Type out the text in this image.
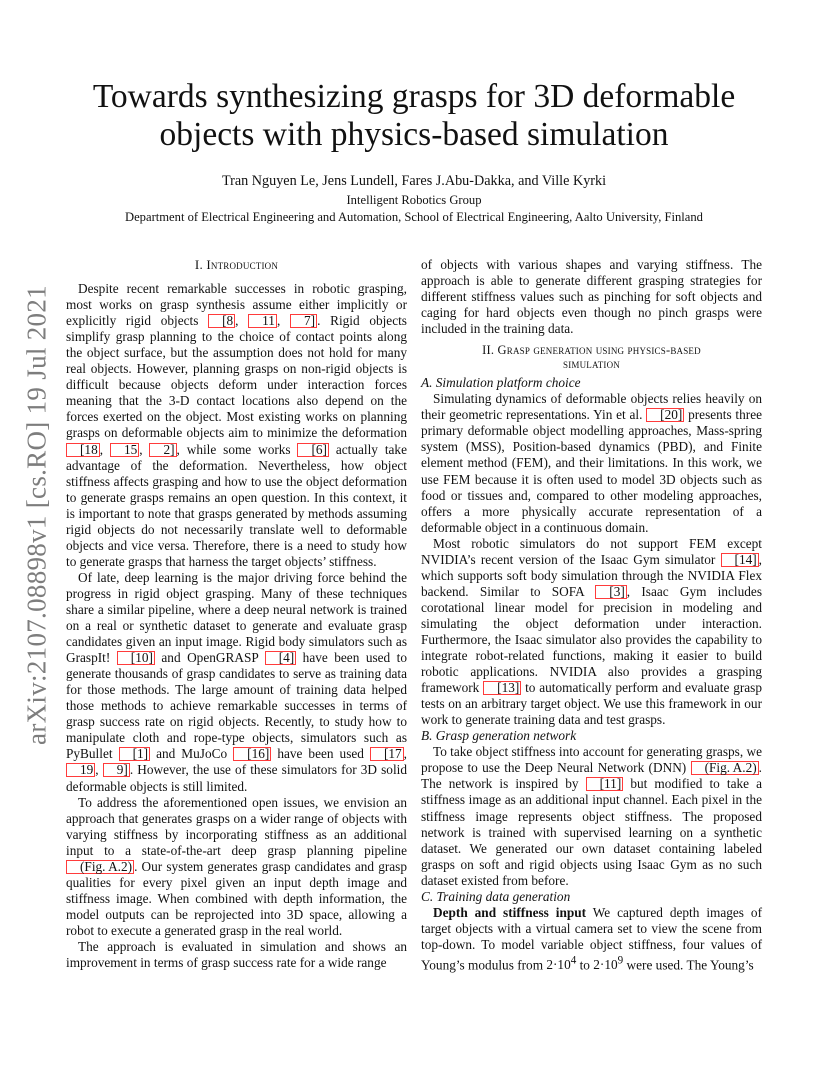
arXiv:2107.08898v1 [cs.RO] 19 Jul 2021
Towards synthesizing grasps for 3D deformable
objects with physics-based simulation
Tran Nguyen Le, Jens Lundell, Fares J.Abu-Dakka, and Ville Kyrki
Intelligent Robotics Group
Department of Electrical Engineering and Automation, School of Electrical Engineering, Aalto University, Finland
I. Introduction

Despite recent remarkable successes in robotic grasping, most works on grasp synthesis assume either implicitly or explicitly rigid objects [8 , 11 , 7] . Rigid objects simplify grasp planning to the choice of contact points along the object surface, but the assumption does not hold for many real objects. However, planning grasps on non-rigid objects is difficult because objects deform under interaction forces meaning that the 3-D contact locations also depend on the forces exerted on the object. Most existing works on planning grasps on deformable objects aim to minimize the deformation [18 , 15 , 2] , while some works [6] actually take advantage of the deformation. Nevertheless, how object stiffness affects grasping and how to use the object deformation to generate grasps remains an open question. In this context, it is important to note that grasps generated by methods assuming rigid objects do not necessarily translate well to deformable objects and vice versa. Therefore, there is a need to study how to generate grasps that harness the target objects’ stiffness.

Of late, deep learning is the major driving force behind the progress in rigid object grasping. Many of these techniques share a similar pipeline, where a deep neural network is trained on a real or synthetic dataset to generate and evaluate grasp candidates given an input image. Rigid body simulators such as GraspIt! [10] and OpenGRASP [4] have been used to generate thousands of grasp candidates to serve as training data for those methods. The large amount of training data helped those methods to achieve remarkable successes in terms of grasp success rate on rigid objects. Recently, to study how to manipulate cloth and rope-type objects, simulators such as PyBullet [1] and MuJoCo [16] have been used [17 , 19 , 9] . However, the use of these simulators for 3D solid deformable objects is still limited.

To address the aforementioned open issues, we envision an approach that generates grasps on a wider range of objects with varying stiffness by incorporating stiffness as an additional input to a state-of-the-art deep grasp planning pipeline (Fig. A.2) . Our system generates grasp candidates and grasp qualities for every pixel given an input depth image and stiffness image. When combined with depth information, the model outputs can be reprojected into 3D space, allowing a robot to execute a generated grasp in the real world.

The approach is evaluated in simulation and shows an improvement in terms of grasp success rate for a wide range

of objects with various shapes and varying stiffness. The approach is able to generate different grasping strategies for different stiffness values such as pinching for soft objects and caging for hard objects even though no pinch grasps were included in the training data.

II. Grasp generation using physics-based
simulation

A. Simulation platform choice

Simulating dynamics of deformable objects relies heavily on their geometric representations. Yin et al. [20] presents three primary deformable object modelling approaches, Mass-spring system (MSS), Position-based dynamics (PBD), and Finite element method (FEM), and their limitations. In this work, we use FEM because it is often used to model 3D objects such as food or tissues and, compared to other modeling approaches, offers a more physically accurate representation of a deformable object in a continuous domain.

Most robotic simulators do not support FEM except NVIDIA’s recent version of the Isaac Gym simulator [14] , which supports soft body simulation through the NVIDIA Flex backend. Similar to SOFA [3] , Isaac Gym includes corotational linear model for precision in modeling and simulating the object deformation under interaction. Furthermore, the Isaac simulator also provides the capability to integrate robot-related functions, making it easier to build robotic applications. NVIDIA also provides a grasping framework [13] to automatically perform and evaluate grasp tests on an arbitrary target object. We use this framework in our work to generate training data and test grasps.

B. Grasp generation network

To take object stiffness into account for generating grasps, we propose to use the Deep Neural Network (DNN) (Fig. A.2) . The network is inspired by [11] but modified to take a stiffness image as an additional input channel. Each pixel in the stiffness image represents object stiffness. The proposed network is trained with supervised learning on a synthetic dataset. We generated our own dataset containing labeled grasps on soft and rigid objects using Isaac Gym as no such dataset existed from before.

C. Training data generation

Depth and stiffness input We captured depth images of target objects with a virtual camera set to view the scene from top-down. To model variable object stiffness, four values of Young’s modulus from $2\cdot 10^4$ to $2\cdot 10^9$ were used. The Young’s
